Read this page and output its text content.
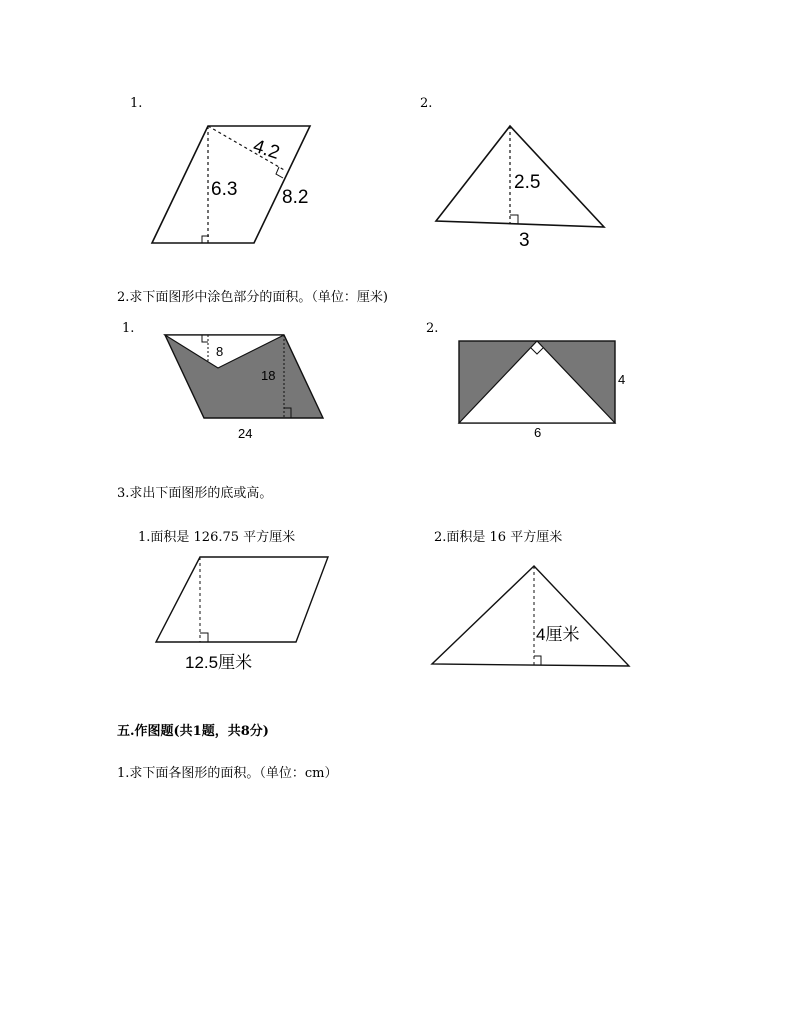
1.
4.2
6.3 8.2
2.
2.5
3
2.求下面图形中涂色部分的面积。（单位：厘米)
1.
8
18
24
2.
4
6
3.求出下面图形的底或高。
1.面积是 126.75 平方厘米
12.5厘米
2.面积是 16 平方厘米
4厘米
五.作图题(共1题，共8分)
1.求下面各图形的面积。（单位：cm）
